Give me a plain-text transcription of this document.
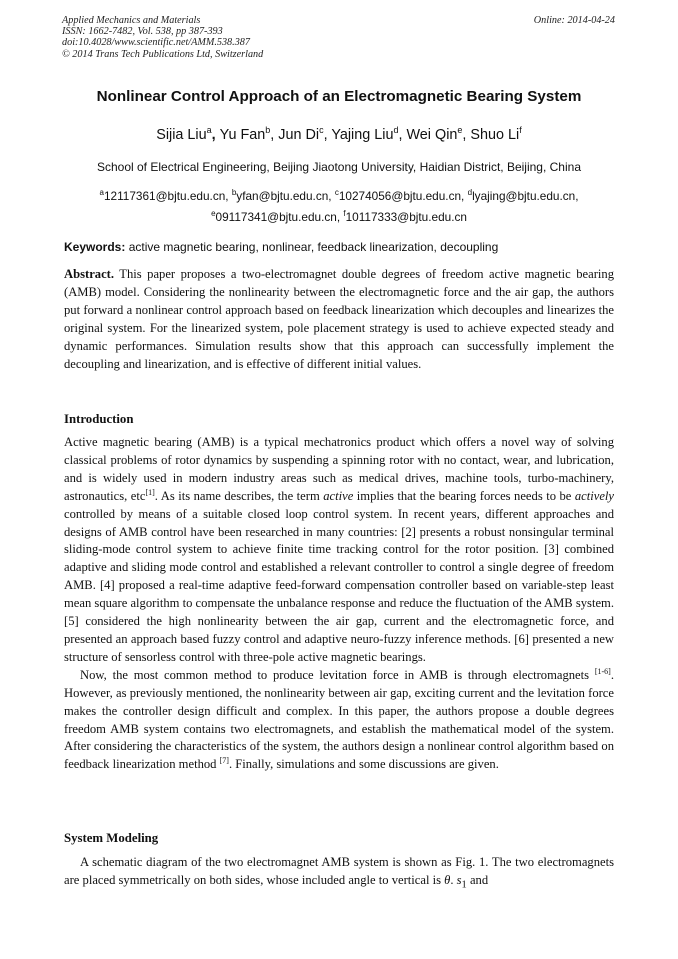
Applied Mechanics and Materials
ISSN: 1662-7482, Vol. 538, pp 387-393
doi:10.4028/www.scientific.net/AMM.538.387
© 2014 Trans Tech Publications Ltd, Switzerland
Online: 2014-04-24
Nonlinear Control Approach of an Electromagnetic Bearing System
Sijia Liu$^a$, Yu Fan$^b$, Jun Di$^c$, Yajing Liu$^d$, Wei Qin$^e$, Shuo Li$^f$
School of Electrical Engineering, Beijing Jiaotong University, Haidian District, Beijing, China
$^a$12117361@bjtu.edu.cn, $^b$yfan@bjtu.edu.cn, $^c$10274056@bjtu.edu.cn, $^d$lyajing@bjtu.edu.cn,
$^e$09117341@bjtu.edu.cn, $^f$10117333@bjtu.edu.cn
Keywords: active magnetic bearing, nonlinear, feedback linearization, decoupling
Abstract. This paper proposes a two-electromagnet double degrees of freedom active magnetic bearing (AMB) model. Considering the nonlinearity between the electromagnetic force and the air gap, the authors put forward a nonlinear control approach based on feedback linearization which decouples and linearizes the original system. For the linearized system, pole placement strategy is used to achieve expected steady and dynamic performances. Simulation results show that this approach can successfully implement the decoupling and linearization, and is effective of different initial values.
Introduction

Active magnetic bearing (AMB) is a typical mechatronics product which offers a novel way of solving classical problems of rotor dynamics by suspending a spinning rotor with no contact, wear, and lubrication, and is widely used in modern industry areas such as medical drives, machine tools, turbo-machinery, astronautics, etc[1]. As its name describes, the term active implies that the bearing forces needs to be actively controlled by means of a suitable closed loop control system. In recent years, different approaches and designs of AMB control have been researched in many countries: [2] presents a robust nonsingular terminal sliding-mode control system to achieve finite time tracking control for the rotor position. [3] combined adaptive and sliding mode control and established a relevant controller to control a single degree of freedom AMB. [4] proposed a real-time adaptive feed-forward compensation controller based on variable-step least mean square algorithm to compensate the unbalance response and reduce the fluctuation of the AMB system. [5] considered the high nonlinearity between the air gap, current and the electromagnetic force, and presented an approach based fuzzy control and adaptive neuro-fuzzy inference methods. [6] presented a new structure of sensorless control with three-pole active magnetic bearings.

Now, the most common method to produce levitation force in AMB is through electromagnets [1-6]. However, as previously mentioned, the nonlinearity between air gap, exciting current and the levitation force makes the controller design difficult and complex. In this paper, the authors propose a double degrees freedom AMB system contains two electromagnets, and establish the mathematical model of the system. After considering the characteristics of the system, the authors design a nonlinear control algorithm based on feedback linearization method [7]. Finally, simulations and some discussions are given.

System Modeling

A schematic diagram of the two electromagnet AMB system is shown as Fig. 1. The two electromagnets are placed symmetrically on both sides, whose included angle to vertical is θ. $s_1$ and
